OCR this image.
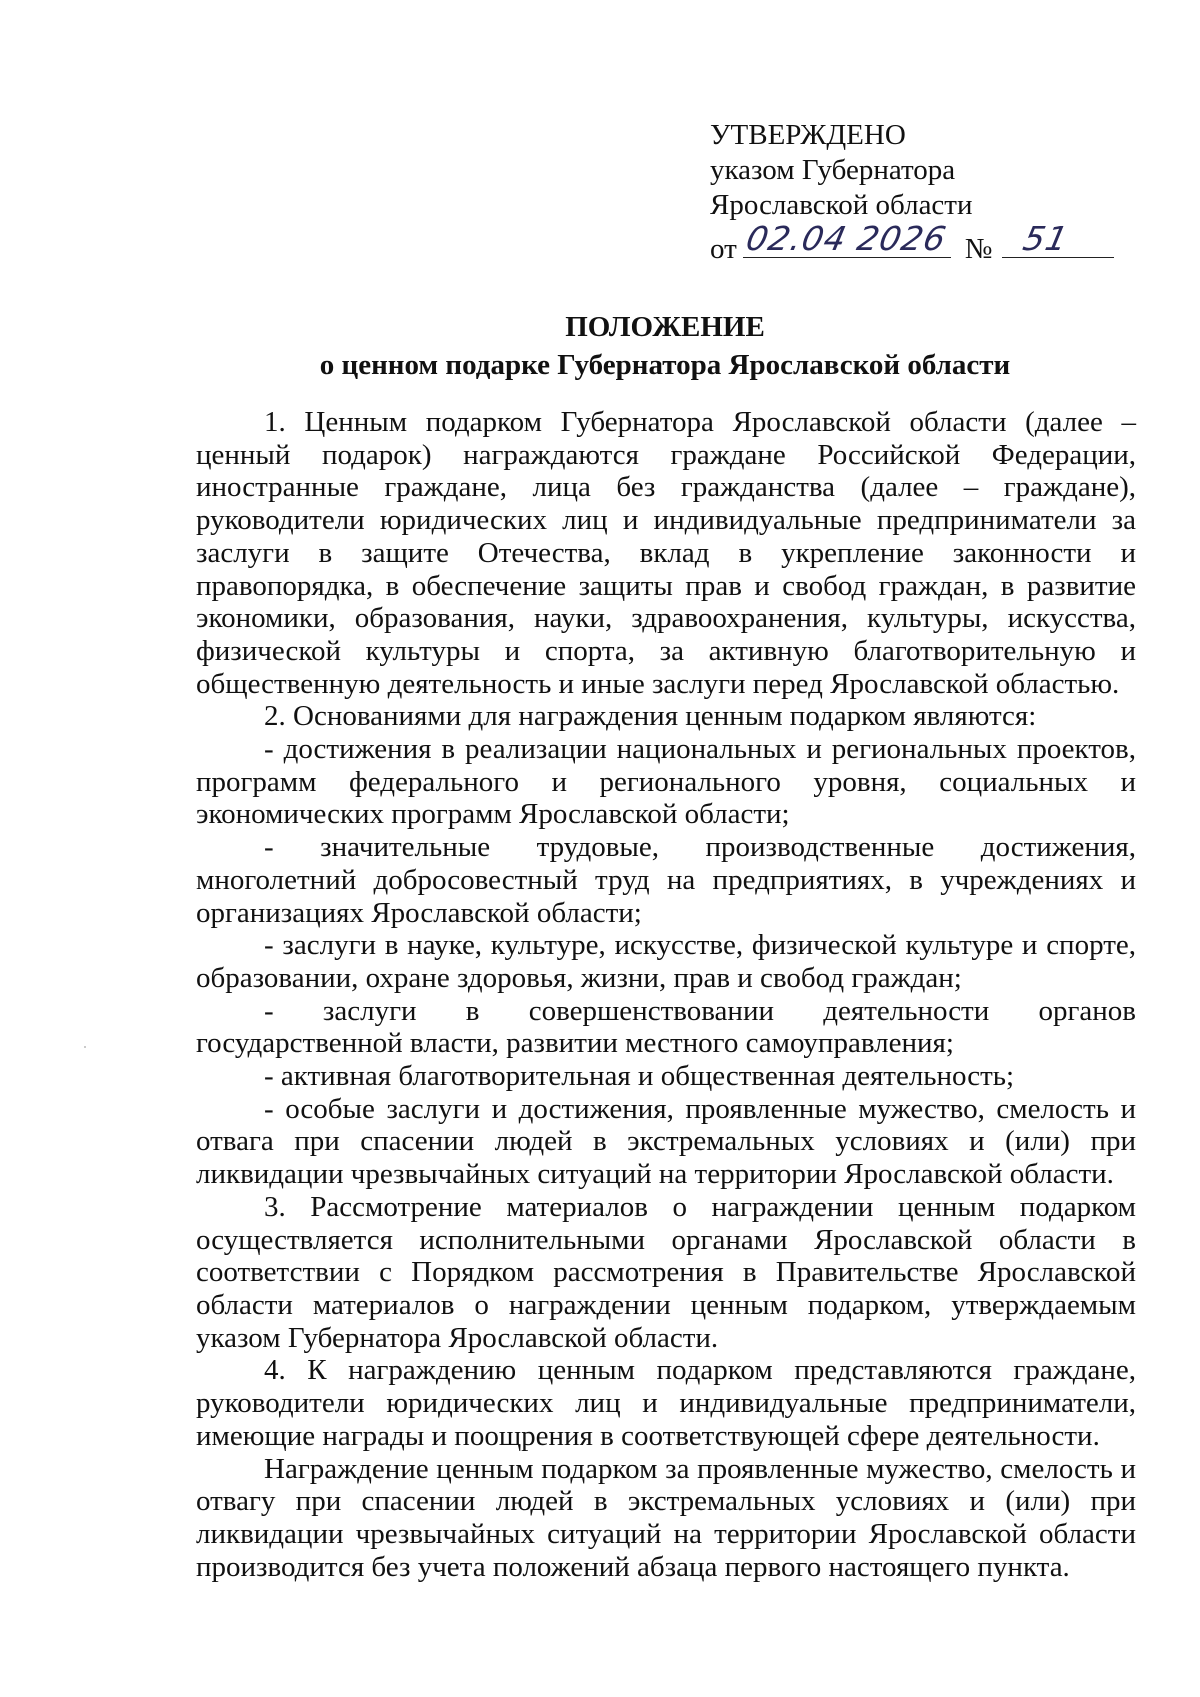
УТВЕРЖДЕНО
указом Губернатора
Ярославской области
от 02.04 2026 № 51
ПОЛОЖЕНИЕ
о ценном подарке Губернатора Ярославской области

1. Ценным подарком Губернатора Ярославской области (далее – ценный подарок) награждаются граждане Российской Федерации, иностранные граждане, лица без гражданства (далее – граждане), руководители юридических лиц и индивидуальные предприниматели за заслуги в защите Отечества, вклад в укрепление законности и правопорядка, в обеспечение защиты прав и свобод граждан, в развитие экономики, образования, науки, здравоохранения, культуры, искусства, физической культуры и спорта, за активную благотворительную и общественную деятельность и иные заслуги перед Ярославской областью.

2. Основаниями для награждения ценным подарком являются:

- достижения в реализации национальных и региональных проектов, программ федерального и регионального уровня, социальных и экономических программ Ярославской области;

- значительные трудовые, производственные достижения, многолетний добросовестный труд на предприятиях, в учреждениях и организациях Ярославской области;

- заслуги в науке, культуре, искусстве, физической культуре и спорте, образовании, охране здоровья, жизни, прав и свобод граждан;

- заслуги в совершенствовании деятельности органов государственной власти, развитии местного самоуправления;

- активная благотворительная и общественная деятельность;

- особые заслуги и достижения, проявленные мужество, смелость и отвага при спасении людей в экстремальных условиях и (или) при ликвидации чрезвычайных ситуаций на территории Ярославской области.

3. Рассмотрение материалов о награждении ценным подарком осуществляется исполнительными органами Ярославской области в соответствии с Порядком рассмотрения в Правительстве Ярославской области материалов о награждении ценным подарком, утверждаемым указом Губернатора Ярославской области.

4. К награждению ценным подарком представляются граждане, руководители юридических лиц и индивидуальные предприниматели, имеющие награды и поощрения в соответствующей сфере деятельности.

Награждение ценным подарком за проявленные мужество, смелость и отвагу при спасении людей в экстремальных условиях и (или) при ликвидации чрезвычайных ситуаций на территории Ярославской области производится без учета положений абзаца первого настоящего пункта.
